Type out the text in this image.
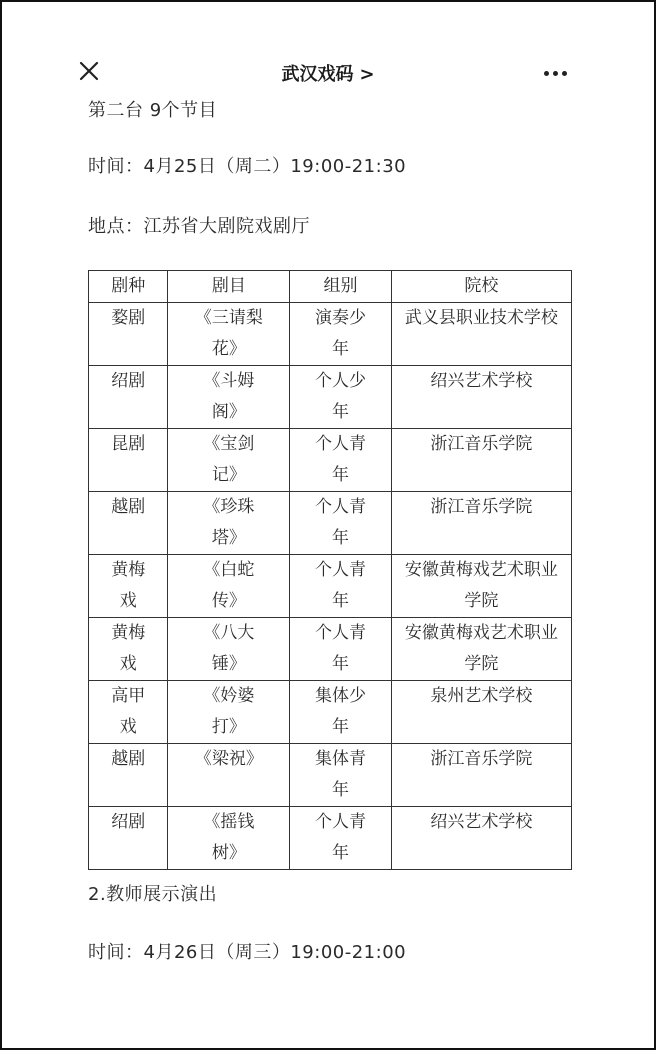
武汉戏码 >
第二台 9个节目
时间：4月25日（周二）19:00-21:30
地点：江苏省大剧院戏剧厅
剧种	剧目	组别	院校

婺剧	《三请梨花》	演奏少年	武义县职业技术学校

绍剧	《斗姆阁》	个人少年	绍兴艺术学校

昆剧	《宝剑记》	个人青年	浙江音乐学院

越剧	《珍珠塔》	个人青年	浙江音乐学院

黄梅戏	《白蛇传》	个人青年	安徽黄梅戏艺术职业学院

黄梅戏	《八大锤》	个人青年	安徽黄梅戏艺术职业学院

高甲戏	《妗婆打》	集体少年	泉州艺术学校

越剧	《梁祝》	集体青年	浙江音乐学院

绍剧	《摇钱树》	个人青年	绍兴艺术学校
2.教师展示演出
时间：4月26日（周三）19:00-21:00
